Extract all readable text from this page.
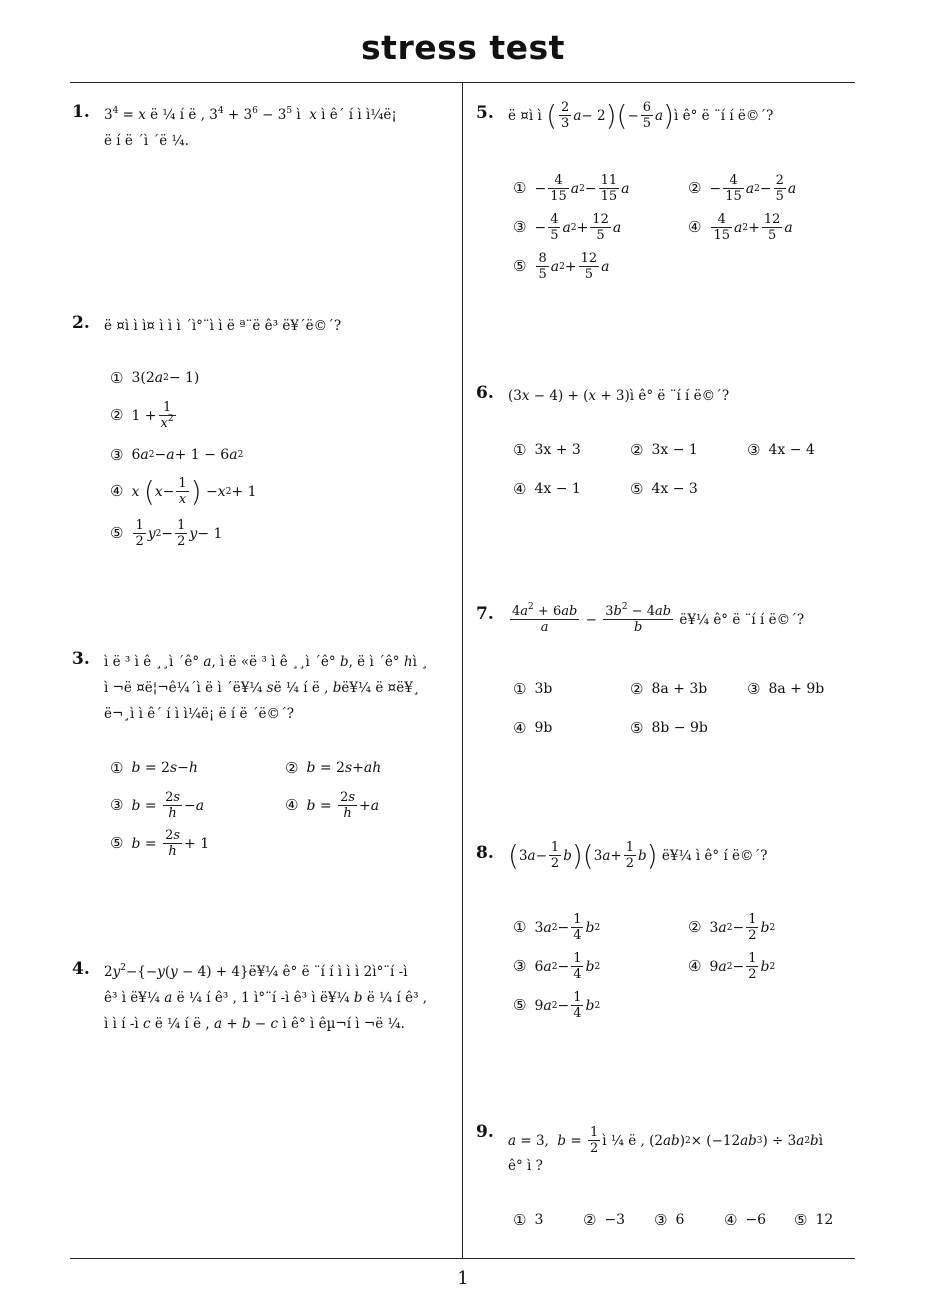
stress test
1
1. $3^4 = x$ ë ¼ í ë , $3^4 + 3^6 - 3^5$ ì  x ì ê´ í ì ì¼ë¡
ë í ë ´ì ´ë ¼.
2. ë ¤ì ì ì¤ ì ì ì ´ì°¨ì ì ë ª¨ë ê³ ë¥´ë©´?
① 3(2 a 2 − 1)
② $1 + \frac{1}{x^2}$
③ 6 a 2 − a + 1 − 6 a 2
④ x
( $x - \frac{1}{x}$ ) − x 2 + 1
⑤ $\frac{1}{2}$ y $2 - \frac{1}{2}$ y − 1
3. ì ë ³ ì ê ¸¸ì ´ê° a, ì ë «ë ³ ì ê ¸¸ì ´ê° b, ë ì ´ê° hì ¸
ì ¬ë ¤ë¦¬ê¼´ì ë ì ´ë¥¼ së ¼ í ë , bë¥¼ ë ¤ë¥¸
ë¬¸ì ì ê´ í ì ì¼ë¡ ë í ë ´ë©´?
① b = 2 s − h	② b = 2 s + ah
③ $b = \frac{2s}{h} - a$	④ $b = \frac{2s}{h} + a$
⑤ $b = \frac{2s}{h} + 1$
4. $2y^2-\{-y(y - 4)$ + 4}ë¥¼ ê° ë ¨í í ì ì ì 2ì°¨í -ì
ê³ ì ë¥¼ a ë ¼ í ê³ , 1 ì°¨í -ì ê³ ì ë¥¼ b ë ¼ í ê³ ,
ì ì í -ì c ë ¼ í ë , a + b − c ì ê° ì êµ¬í ì ¬ë ¼.
5. ë ¤ì ì
( $\frac{2}{3}$ a − 2 ) ( − $\frac{6}{5}$ a ) ì ê° ë ¨í í ë©´?
① − $\frac{4}{15}$ a $2 - \frac{11}{15}$ a	② − $\frac{4}{15}$ a $2 - \frac{2}{5}$ a
③ − $\frac{4}{5}$ a $2 + \frac{12}{5}$ a	④ $\frac{4}{15}$ a $2 + \frac{12}{5}$ a
⑤ $\frac{8}{5}$ a $2 + \frac{12}{5}$ a
6. (3x − 4) + (x + 3)ì ê° ë ¨í í ë©´?
① 3x + 3	② 3x − 1	③ 4x − 4
④ 4x − 1	⑤ 4x − 3
7. $\frac{4a^2 + 6ab}{a} - \frac{3b^2 - 4ab}{b}$
ë¥¼ ê° ë ¨í í ë©´?
① 3b	② 8a + 3b	③ 8a + 9b
④ 9b	⑤ 8b − 9b
8. ( 3 $a - \frac{1}{2}$ b ) ( 3 $a + \frac{1}{2}$ b )
ë¥¼ ì ê° í ë©´?
① 3 a $2 - \frac{1}{4}$ b 2	② 3 a $2 - \frac{1}{2}$ b 2
③ 6 a $2 - \frac{1}{4}$ b 2	④ 9 a $2 - \frac{1}{2}$ b 2
⑤ 9 a $2 - \frac{1}{4}$ b 2
9. a = 3, $b = \frac{1}{2}$ ì ¼ ë , (2 ab ) 2 × (−12 ab 3 ) ÷ 3 a 2 b ì
ê° ì ?
① 3	② −3 ③ 6	④ −6 ⑤ 12
